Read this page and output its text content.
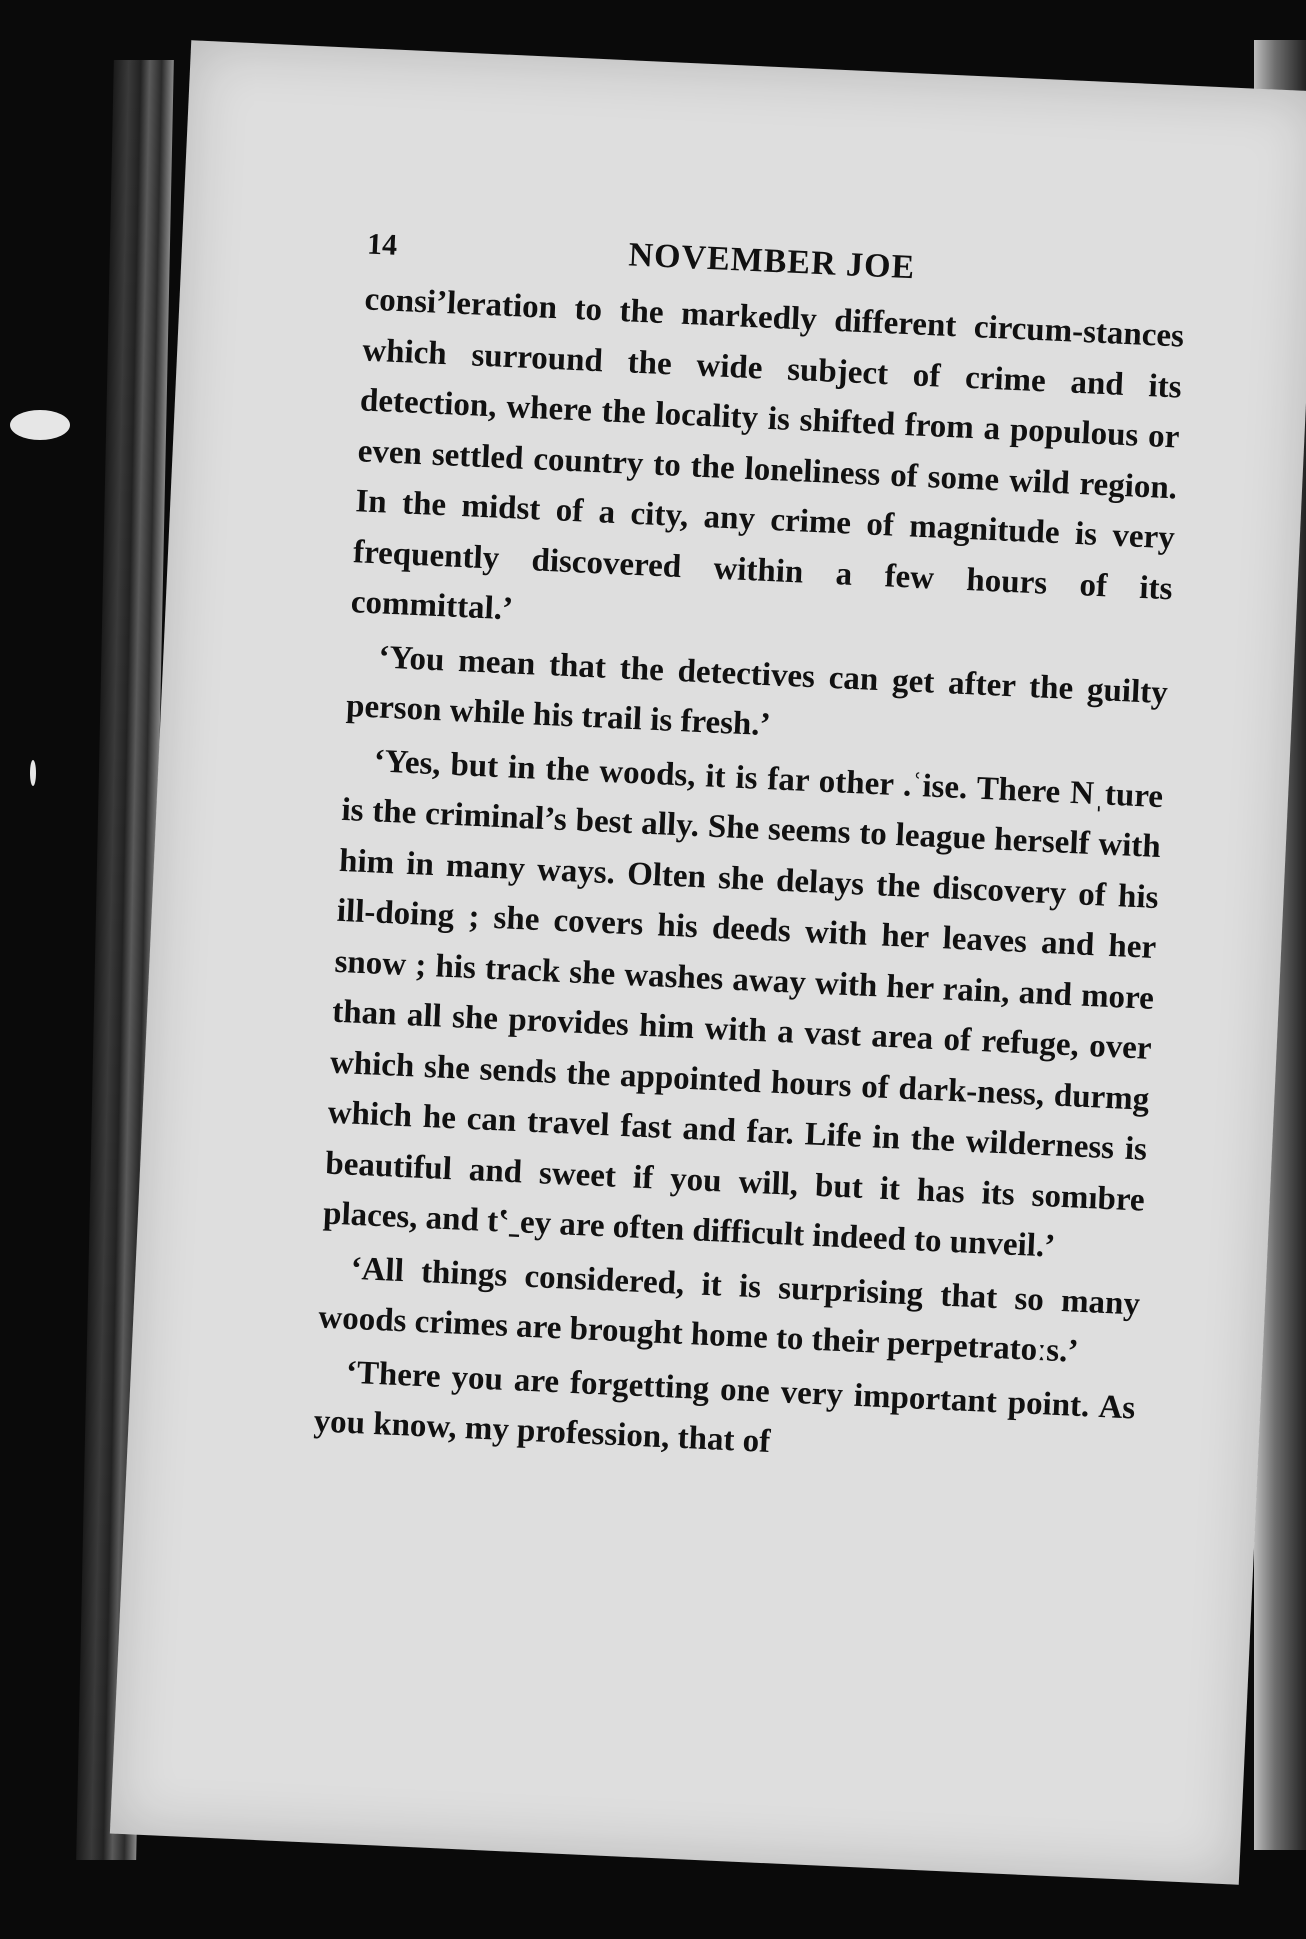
14	NOVEMBER JOE

consiʼleration to the markedly different circum-stances which surround the wide subject of crime and its detection, where the locality is shifted from a populous or even settled country to the loneliness of some wild region. In the midst of a city, any crime of magnitude is very frequently discovered within a few hours of its committal.’

‘You mean that the detectives can get after the guilty person while his trail is fresh.’

‘Yes, but in the woods, it is far other .ʿise. There Nˌture is the criminal’s best ally. She seems to league herself with him in many ways. Olten she delays the discovery of his ill-doing ; she covers his deeds with her leaves and her snow ; his track she washes away with her rain, and more than all she provides him with a vast area of refuge, over which she sends the appointed hours of dark-ness, durmg which he can travel fast and far. Life in the wilderness is beautiful and sweet if you will, but it has its somıbre places, and tʽˍey are often difficult indeed to unveil.’

‘All things considered, it is surprising that so many woods crimes are brought home to their perpetratoːs.’

‘There you are forgetting one very important point. As you know, my profession, that of
